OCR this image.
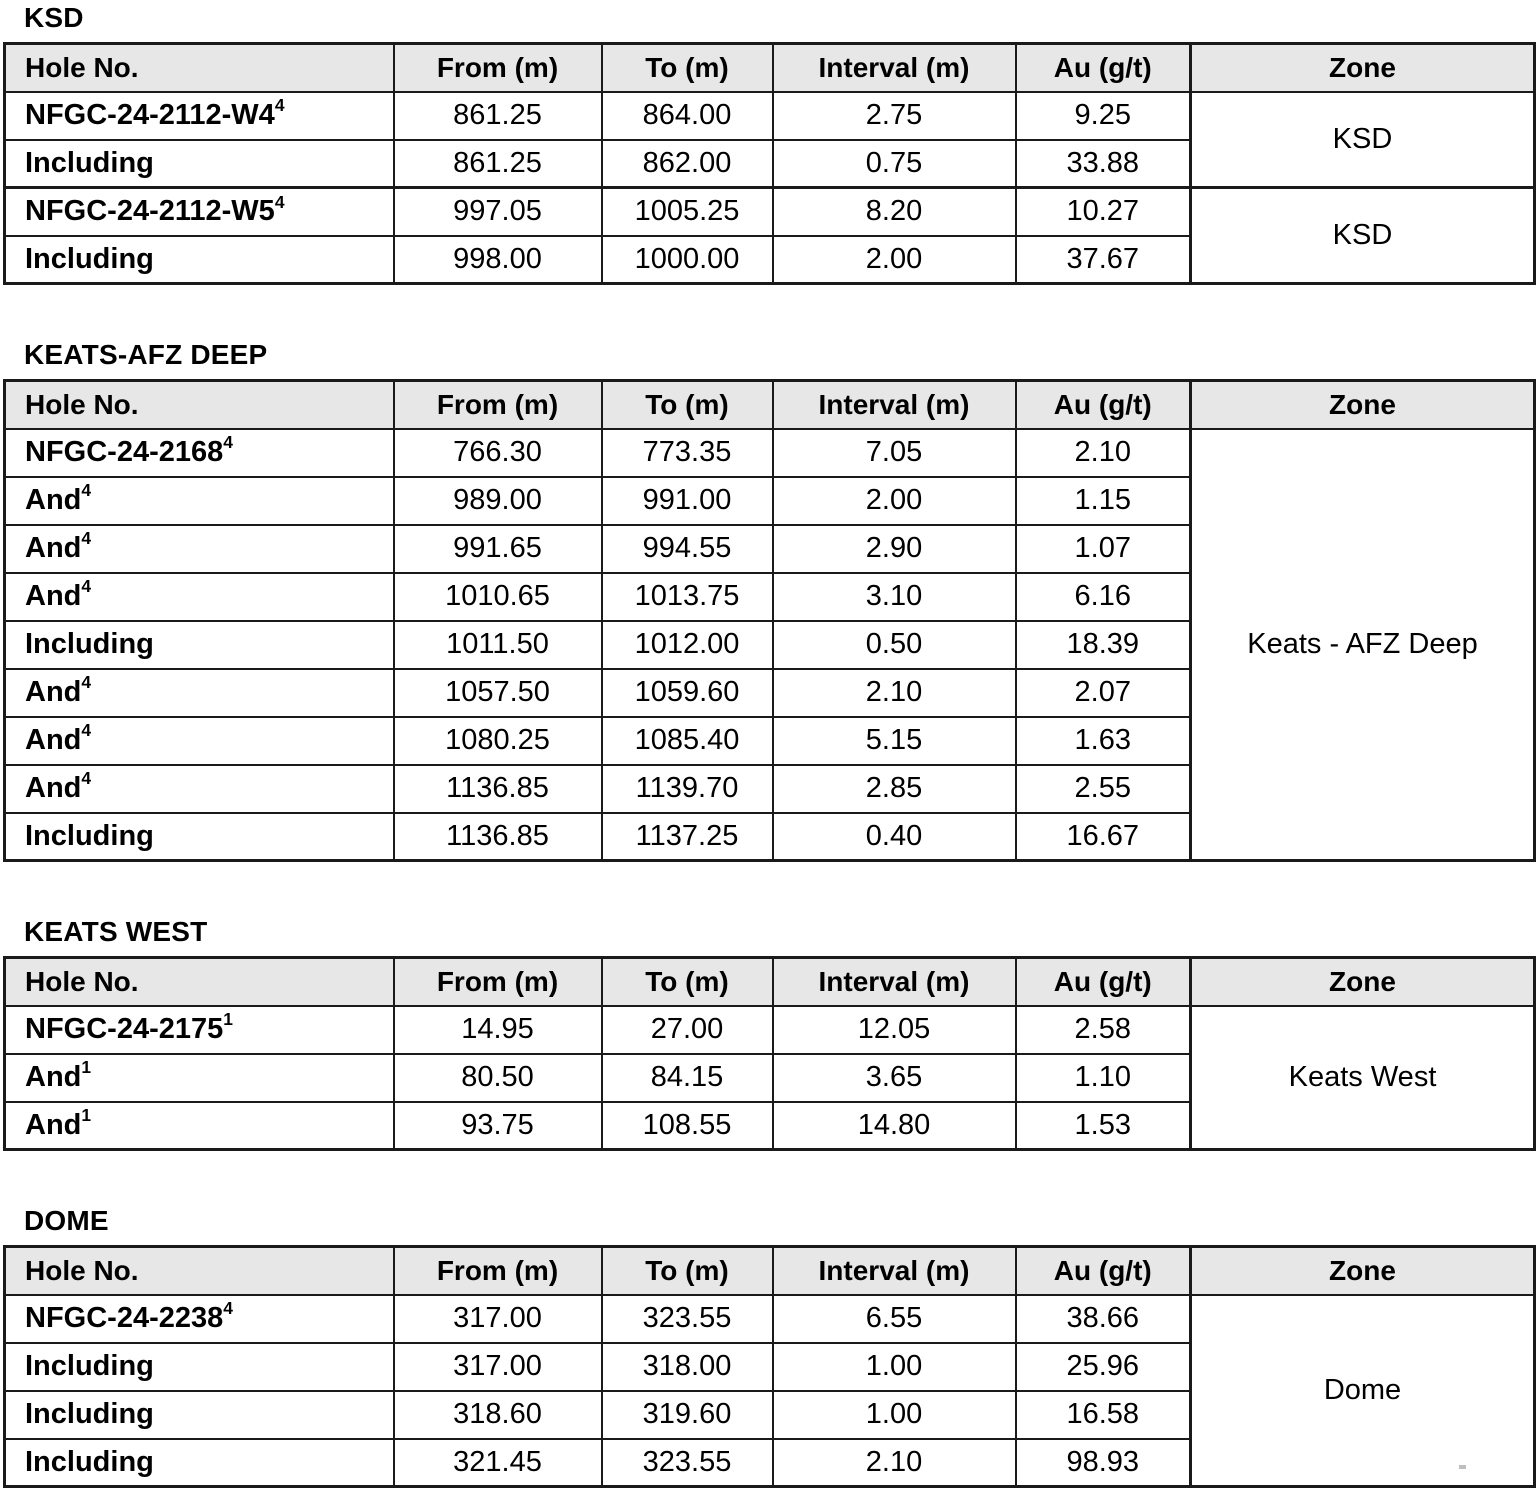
KSD
Hole No.	From (m)	To (m)	Interval (m)	Au (g/t)	Zone
NFGC-$24-2112-W4^4$	861.25	864.00	2.75	9.25	KSD
Including	861.25	862.00	0.75	33.88	
NFGC-$24-2112-W5^4$	997.05	1005.25	8.20	10.27	KSD
Including	998.00	1000.00	2.00	37.67	
KEATS-AFZ DEEP
Hole No.	From (m)	To (m)	Interval (m)	Au (g/t)	Zone
NFGC-24-2168$^4$	766.30	773.35	7.05	2.10	Keats - AFZ Deep
And$^4$	989.00	991.00	2.00	1.15	
And$^4$	991.65	994.55	2.90	1.07	
And$^4$	1010.65	1013.75	3.10	6.16	
Including	1011.50	1012.00	0.50	18.39	
And$^4$	1057.50	1059.60	2.10	2.07	
And$^4$	1080.25	1085.40	5.15	1.63	
And$^4$	1136.85	1139.70	2.85	2.55	
Including	1136.85	1137.25	0.40	16.67	
KEATS WEST
Hole No.	From (m)	To (m)	Interval (m)	Au (g/t)	Zone
NFGC-24-2175$^1$	14.95	27.00	12.05	2.58	Keats West
And$^1$	80.50	84.15	3.65	1.10	
And$^1$	93.75	108.55	14.80	1.53	
DOME
Hole No.	From (m)	To (m)	Interval (m)	Au (g/t)	Zone
NFGC-24-2238$^4$	317.00	323.55	6.55	38.66	Dome
Including	317.00	318.00	1.00	25.96	
Including	318.60	319.60	1.00	16.58	
Including	321.45	323.55	2.10	98.93	
